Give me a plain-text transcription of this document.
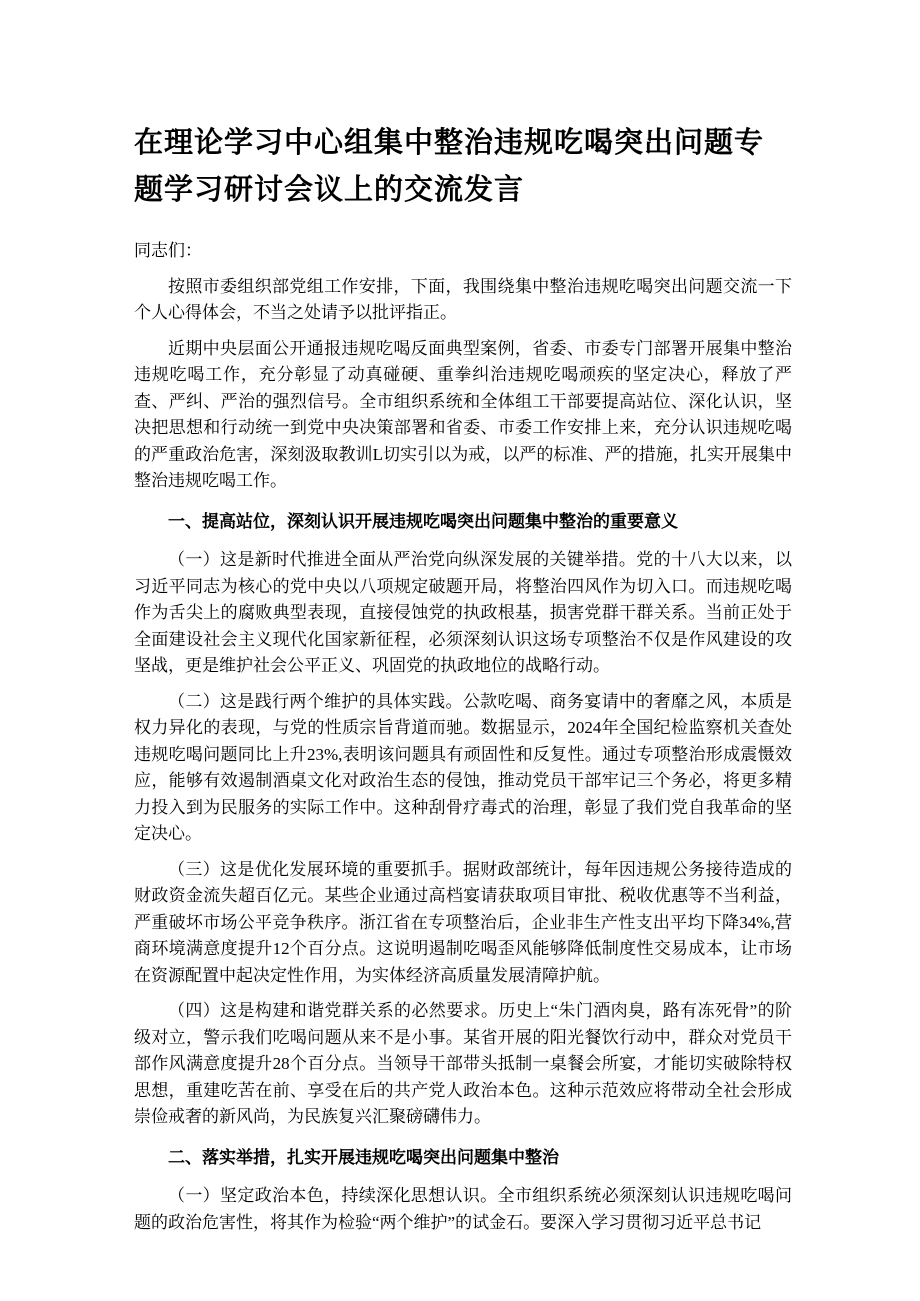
在理论学习中心组集中整治违规吃喝突出问题专题学习研讨会议上的交流发言

同志们：

按照市委组织部党组工作安排，下面，我围绕集中整治违规吃喝突出问题交流一下个人心得体会，不当之处请予以批评指正。

近期中央层面公开通报违规吃喝反面典型案例，省委、市委专门部署开展集中整治违规吃喝工作，充分彰显了动真碰硬、重拳纠治违规吃喝顽疾的坚定决心，释放了严查、严纠、严治的强烈信号。全市组织系统和全体组工干部要提高站位、深化认识，坚决把思想和行动统一到党中央决策部署和省委、市委工作安排上来，充分认识违规吃喝的严重政治危害，深刻汲取教训L切实引以为戒，以严的标准、严的措施，扎实开展集中整治违规吃喝工作。

一、提高站位，深刻认识开展违规吃喝突出问题集中整治的重要意义

（一）这是新时代推进全面从严治党向纵深发展的关键举措。党的十八大以来，以习近平同志为核心的党中央以八项规定破题开局，将整治四风作为切入口。而违规吃喝作为舌尖上的腐败典型表现，直接侵蚀党的执政根基，损害党群干群关系。当前正处于全面建设社会主义现代化国家新征程，必须深刻认识这场专项整治不仅是作风建设的攻坚战，更是维护社会公平正义、巩固党的执政地位的战略行动。

（二）这是践行两个维护的具体实践。公款吃喝、商务宴请中的奢靡之风，本质是权力异化的表现，与党的性质宗旨背道而驰。数据显示，2024年全国纪检监察机关查处违规吃喝问题同比上升23%,表明该问题具有顽固性和反复性。通过专项整治形成震慑效应，能够有效遏制酒桌文化对政治生态的侵蚀，推动党员干部牢记三个务必，将更多精力投入到为民服务的实际工作中。这种刮骨疗毒式的治理，彰显了我们党自我革命的坚定决心。

（三）这是优化发展环境的重要抓手。据财政部统计，每年因违规公务接待造成的财政资金流失超百亿元。某些企业通过高档宴请获取项目审批、税收优惠等不当利益，严重破坏市场公平竞争秩序。浙江省在专项整治后，企业非生产性支出平均下降34%,营商环境满意度提升12个百分点。这说明遏制吃喝歪风能够降低制度性交易成本，让市场在资源配置中起决定性作用，为实体经济高质量发展清障护航。

（四）这是构建和谐党群关系的必然要求。历史上“朱门酒肉臭，路有冻死骨”的阶级对立，警示我们吃喝问题从来不是小事。某省开展的阳光餐饮行动中，群众对党员干部作风满意度提升28个百分点。当领导干部带头抵制一桌餐会所宴，才能切实破除特权思想，重建吃苦在前、享受在后的共产党人政治本色。这种示范效应将带动全社会形成崇俭戒奢的新风尚，为民族复兴汇聚磅礴伟力。

二、落实举措，扎实开展违规吃喝突出问题集中整治

（一）坚定政治本色，持续深化思想认识。全市组织系统必须深刻认识违规吃喝问题的政治危害性，将其作为检验“两个维护”的试金石。要深入学习贯彻习近平总书记
